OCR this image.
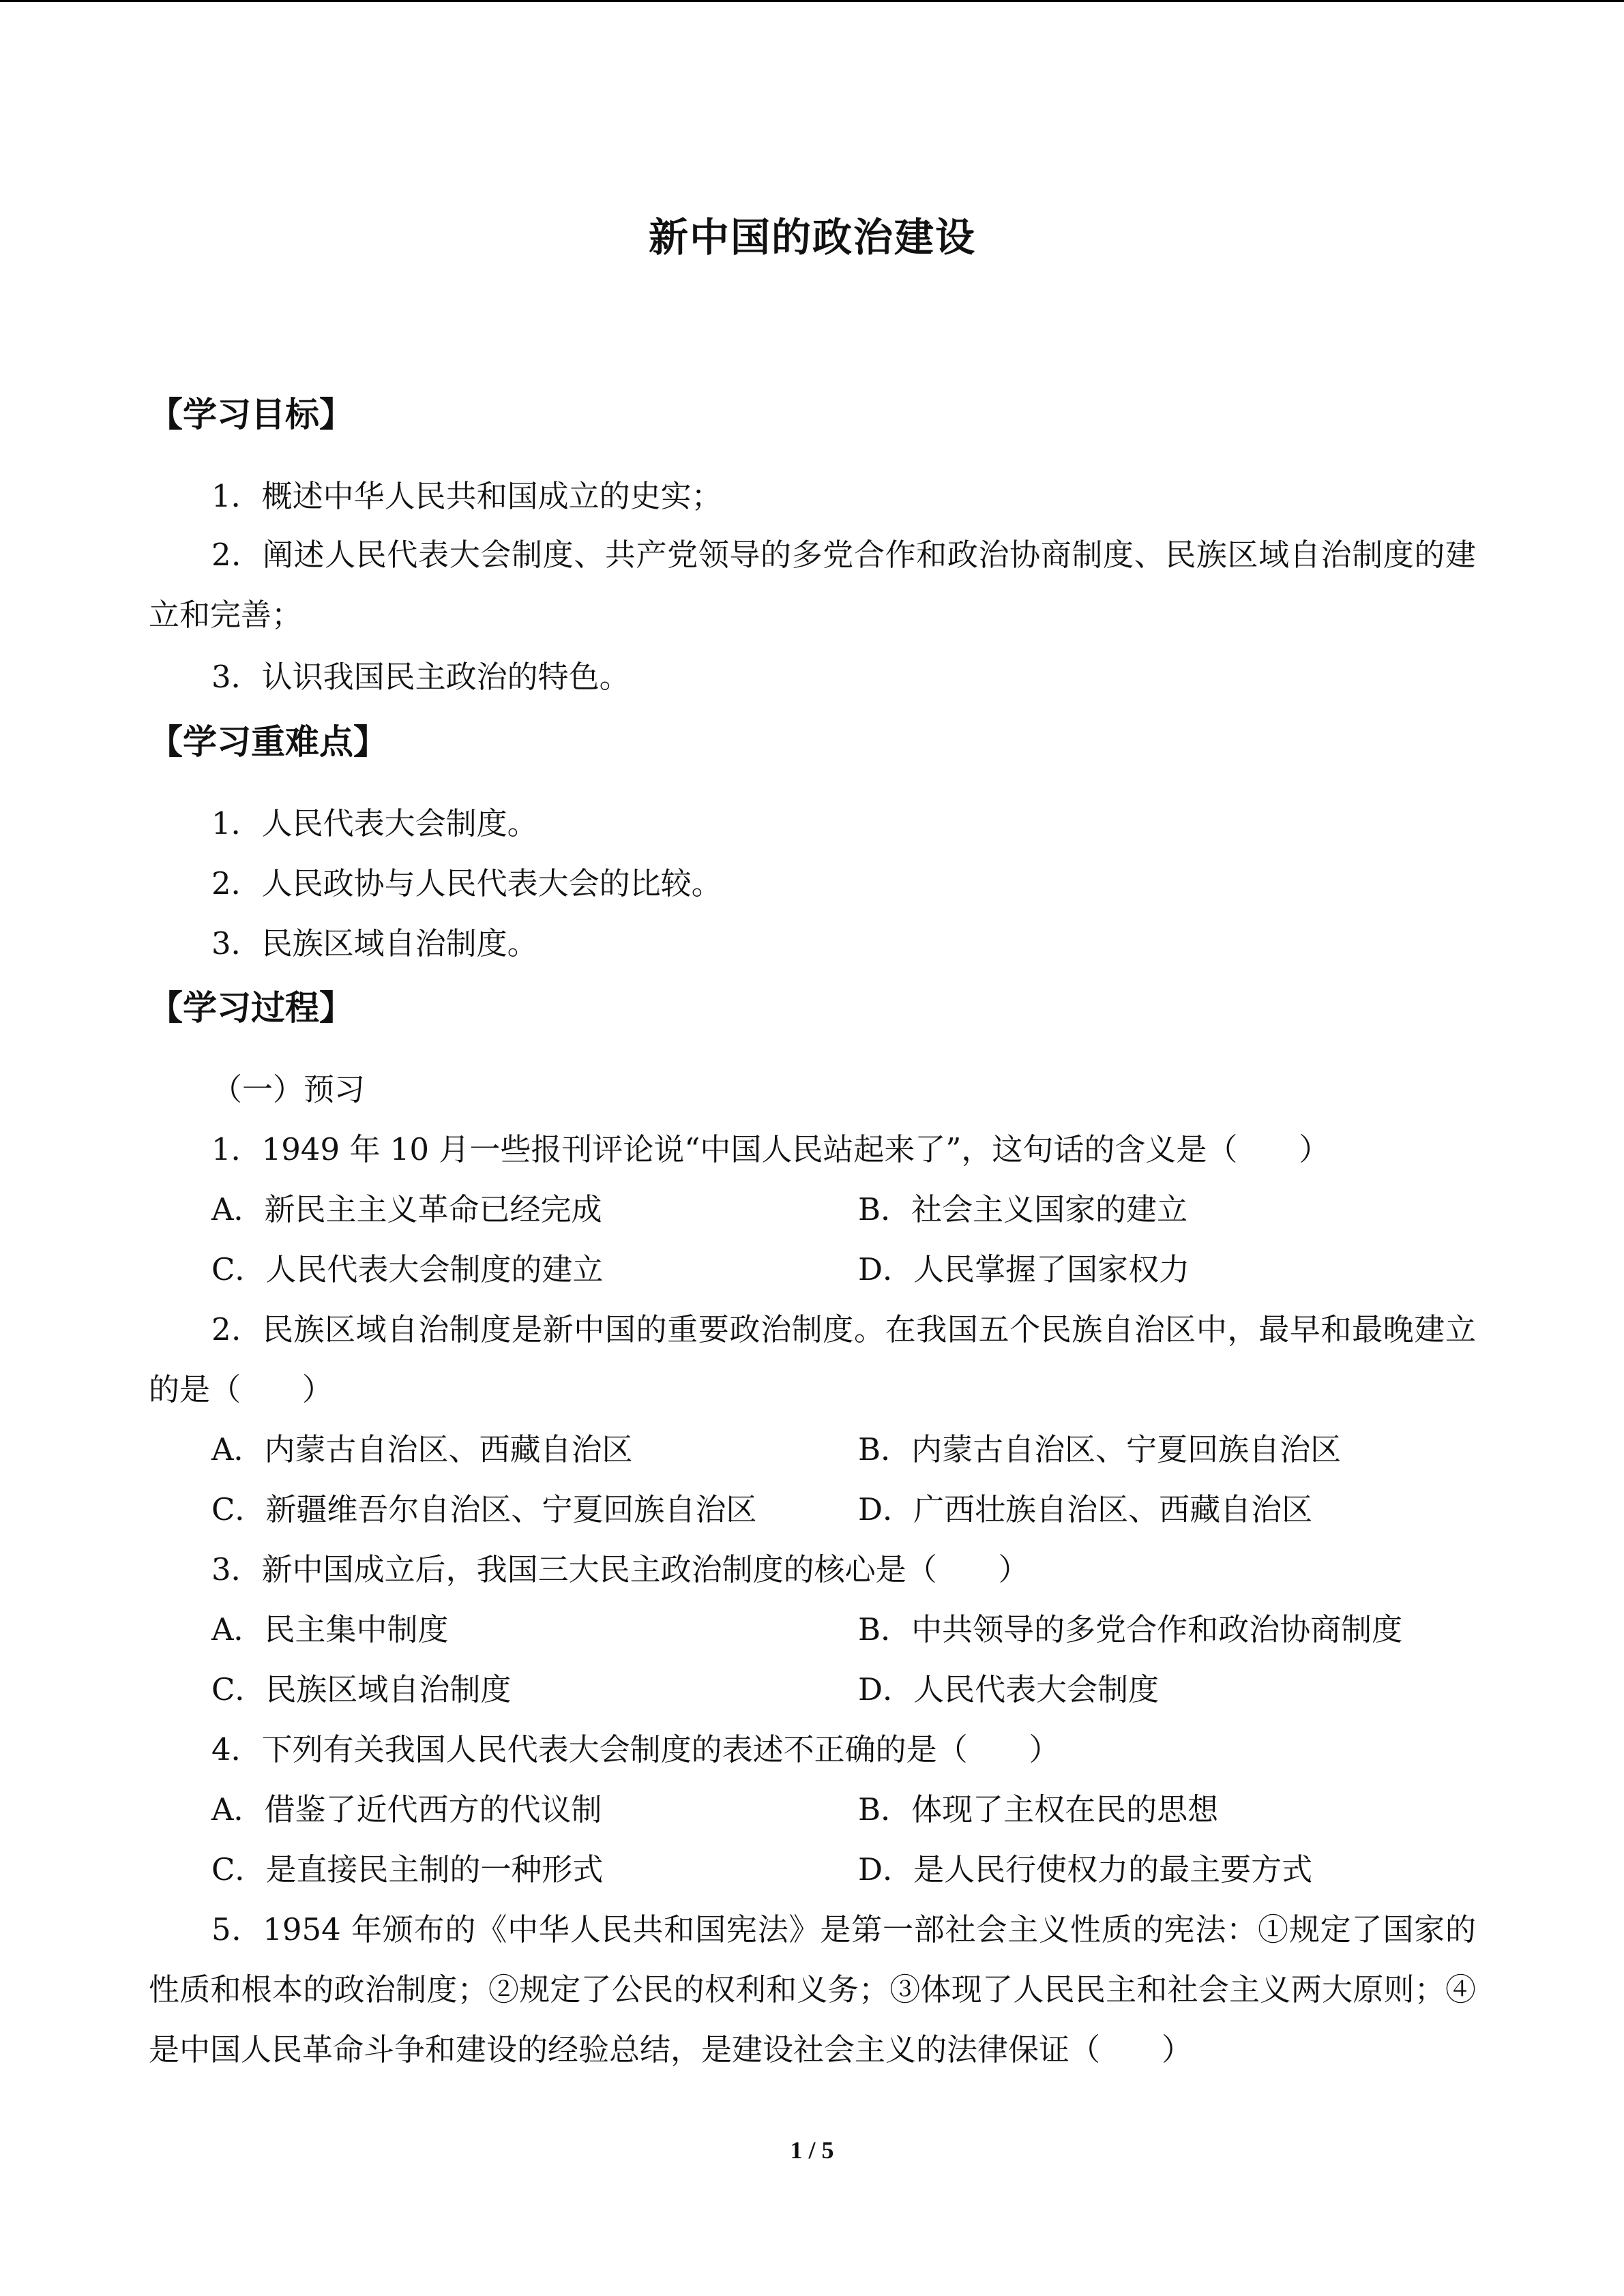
新中国的政治建设
【学习目标】
1．概述中华人民共和国成立的史实；
2．阐述人民代表大会制度、共产党领导的多党合作和政治协商制度、民族区域自治制度的建立和完善；
3．认识我国民主政治的特色。
【学习重难点】
1．人民代表大会制度。
2．人民政协与人民代表大会的比较。
3．民族区域自治制度。
【学习过程】
（一）预习
1．1949 年 10 月一些报刊评论说“中国人民站起来了”，这句话的含义是（　　）
A．新民主主义革命已经完成	B．社会主义国家的建立
C．人民代表大会制度的建立	D．人民掌握了国家权力
2．民族区域自治制度是新中国的重要政治制度。在我国五个民族自治区中，最早和最晚建立的是（　　）
A．内蒙古自治区、西藏自治区	B．内蒙古自治区、宁夏回族自治区
C．新疆维吾尔自治区、宁夏回族自治区	D．广西壮族自治区、西藏自治区
3．新中国成立后，我国三大民主政治制度的核心是（　　）
A．民主集中制度	B．中共领导的多党合作和政治协商制度
C．民族区域自治制度	D．人民代表大会制度
4．下列有关我国人民代表大会制度的表述不正确的是（　　）
A．借鉴了近代西方的代议制	B．体现了主权在民的思想
C．是直接民主制的一种形式	D．是人民行使权力的最主要方式
5．1954 年颁布的《中华人民共和国宪法》是第一部社会主义性质的宪法：①规定了国家的性质和根本的政治制度；②规定了公民的权利和义务；③体现了人民民主和社会主义两大原则；④是中国人民革命斗争和建设的经验总结，是建设社会主义的法律保证（　　）
1 / 5
